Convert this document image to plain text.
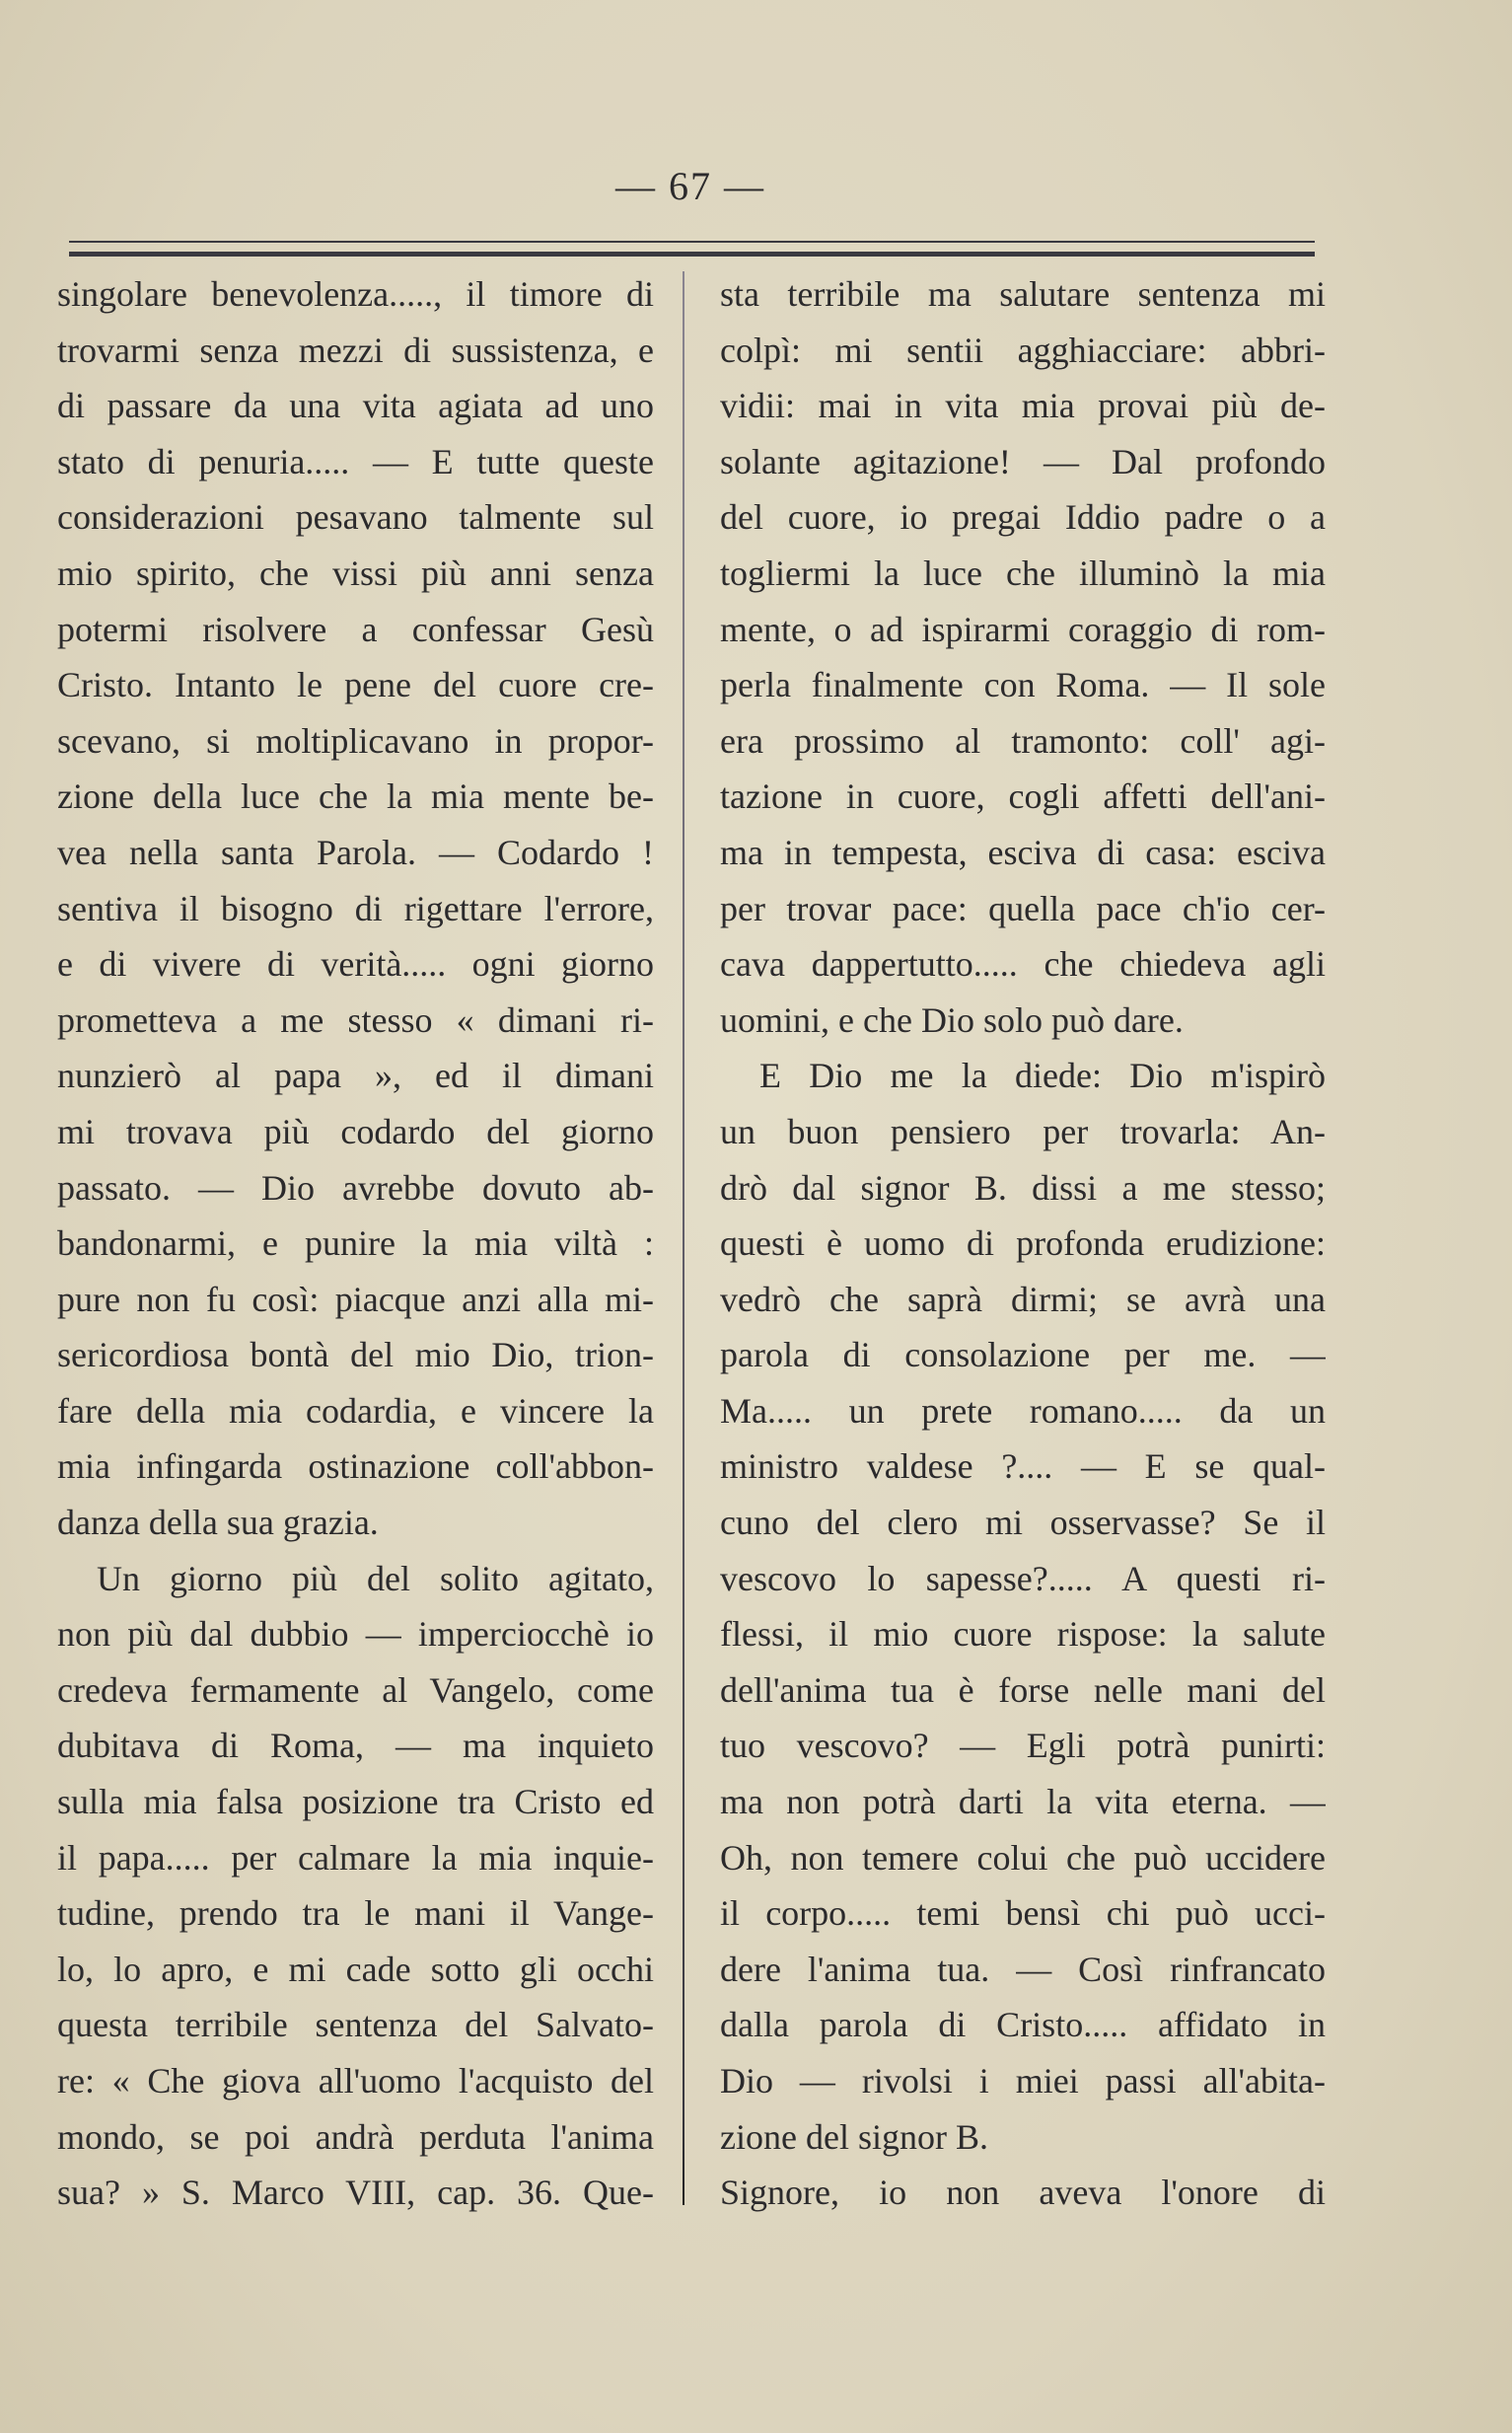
— 67 —
singolare benevolenza....., il timore di
trovarmi senza mezzi di sussistenza, e
di passare da una vita agiata ad uno
stato di penuria..... — E tutte queste
considerazioni pesavano talmente sul
mio spirito, che vissi più anni senza
potermi risolvere a confessar Gesù
Cristo. Intanto le pene del cuore cre-
scevano, si moltiplicavano in propor-
zione della luce che la mia mente be-
vea nella santa Parola. — Codardo !
sentiva il bisogno di rigettare l'errore,
e di vivere di verità..... ogni giorno
prometteva a me stesso « dimani ri-
nunzierò al papa », ed il dimani
mi trovava più codardo del giorno
passato. — Dio avrebbe dovuto ab-
bandonarmi, e punire la mia viltà :
pure non fu così: piacque anzi alla mi-
sericordiosa bontà del mio Dio, trion-
fare della mia codardia, e vincere la
mia infingarda ostinazione coll'abbon-
danza della sua grazia.
Un giorno più del solito agitato,
non più dal dubbio — imperciocchè io
credeva fermamente al Vangelo, come
dubitava di Roma, — ma inquieto
sulla mia falsa posizione tra Cristo ed
il papa..... per calmare la mia inquie-
tudine, prendo tra le mani il Vange-
lo, lo apro, e mi cade sotto gli occhi
questa terribile sentenza del Salvato-
re: « Che giova all'uomo l'acquisto del
mondo, se poi andrà perduta l'anima
sua? » S. Marco VIII, cap. 36. Que-
sta terribile ma salutare sentenza mi
colpì: mi sentii agghiacciare: abbri-
vidii: mai in vita mia provai più de-
solante agitazione! — Dal profondo
del cuore, io pregai Iddio padre o a
togliermi la luce che illuminò la mia
mente, o ad ispirarmi coraggio di rom-
perla finalmente con Roma. — Il sole
era prossimo al tramonto: coll' agi-
tazione in cuore, cogli affetti dell'ani-
ma in tempesta, esciva di casa: esciva
per trovar pace: quella pace ch'io cer-
cava dappertutto..... che chiedeva agli
uomini, e che Dio solo può dare.
E Dio me la diede: Dio m'ispirò
un buon pensiero per trovarla: An-
drò dal signor B. dissi a me stesso;
questi è uomo di profonda erudizione:
vedrò che saprà dirmi; se avrà una
parola di consolazione per me. —
Ma..... un prete romano..... da un
ministro valdese ?.... — E se qual-
cuno del clero mi osservasse? Se il
vescovo lo sapesse?..... A questi ri-
flessi, il mio cuore rispose: la salute
dell'anima tua è forse nelle mani del
tuo vescovo? — Egli potrà punirti:
ma non potrà darti la vita eterna. —
Oh, non temere colui che può uccidere
il corpo..... temi bensì chi può ucci-
dere l'anima tua. — Così rinfrancato
dalla parola di Cristo..... affidato in
Dio — rivolsi i miei passi all'abita-
zione del signor B.
Signore, io non aveva l'onore di
